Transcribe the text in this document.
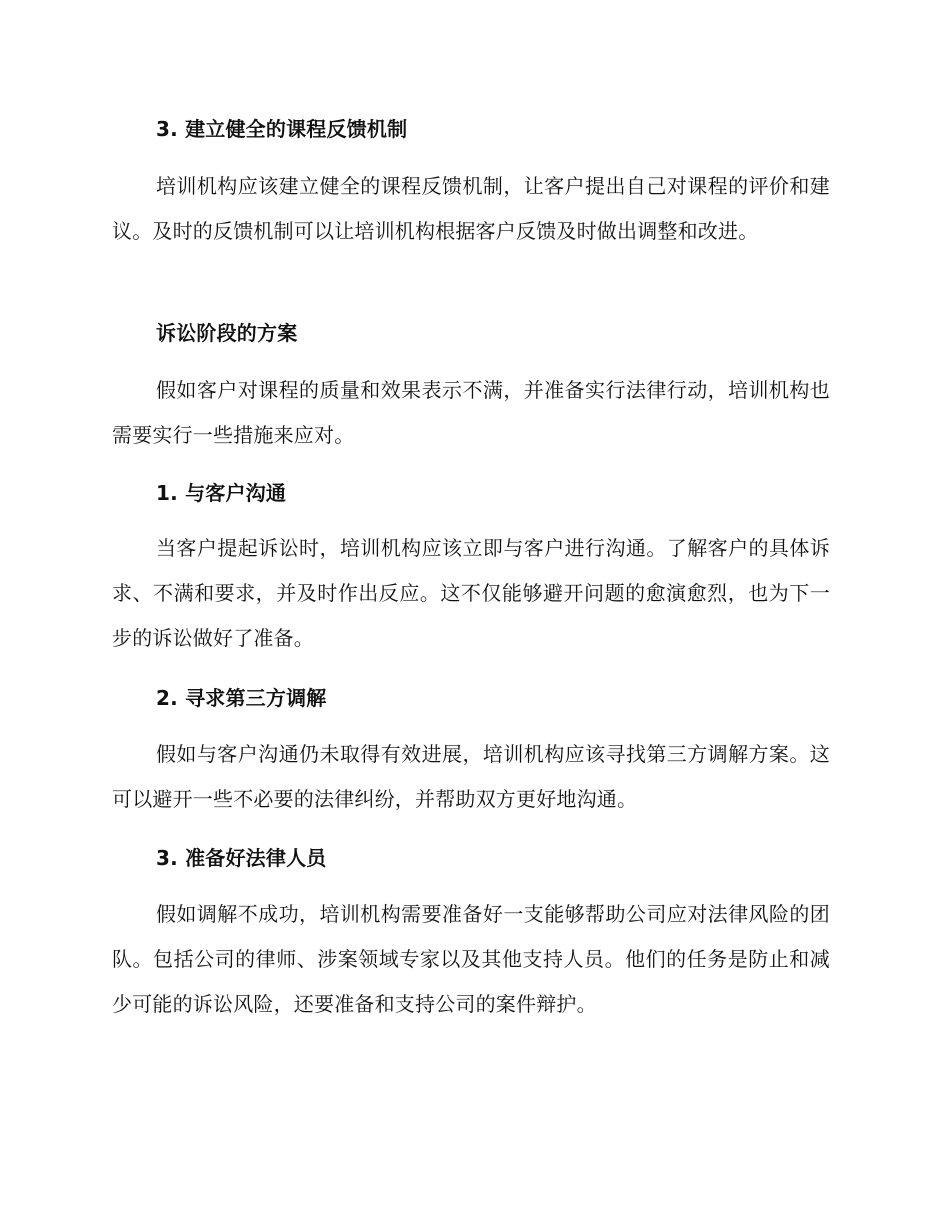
3. 建立健全的课程反馈机制

培训机构应该建立健全的课程反馈机制，让客户提出自己对课程的评价和建议。及时的反馈机制可以让培训机构根据客户反馈及时做出调整和改进。

诉讼阶段的方案

假如客户对课程的质量和效果表示不满，并准备实行法律行动，培训机构也需要实行一些措施来应对。

1. 与客户沟通

当客户提起诉讼时，培训机构应该立即与客户进行沟通。了解客户的具体诉求、不满和要求，并及时作出反应。这不仅能够避开问题的愈演愈烈，也为下一步的诉讼做好了准备。

2. 寻求第三方调解

假如与客户沟通仍未取得有效进展，培训机构应该寻找第三方调解方案。这可以避开一些不必要的法律纠纷，并帮助双方更好地沟通。

3. 准备好法律人员

假如调解不成功，培训机构需要准备好一支能够帮助公司应对法律风险的团队。包括公司的律师、涉案领域专家以及其他支持人员。他们的任务是防止和减少可能的诉讼风险，还要准备和支持公司的案件辩护。
